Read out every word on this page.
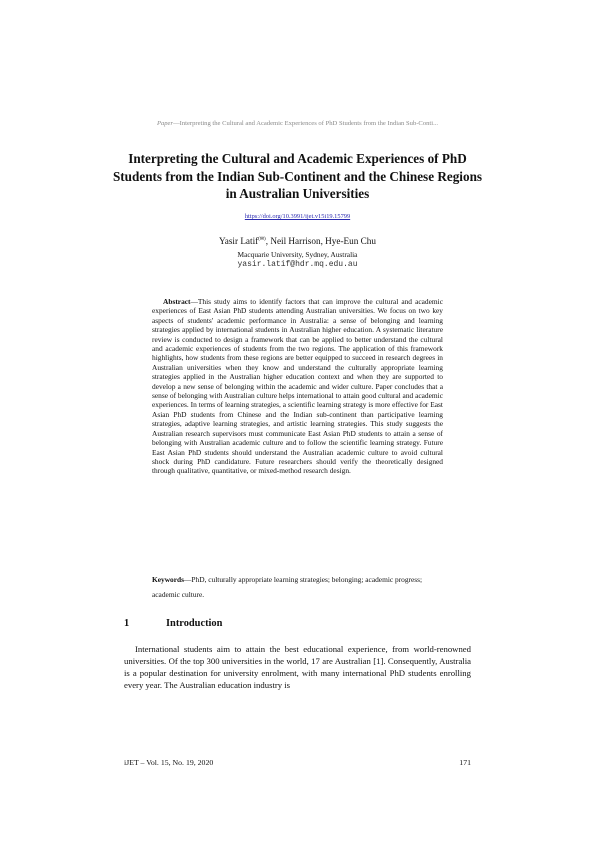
Paper—Interpreting the Cultural and Academic Experiences of PhD Students from the Indian Sub-Conti...
Interpreting the Cultural and Academic Experiences of PhD Students from the Indian Sub-Continent and the Chinese Regions in Australian Universities
https://doi.org/10.3991/ijet.v15i19.15799
Yasir Latif(✉), Neil Harrison, Hye-Eun Chu
Macquarie University, Sydney, Australia
yasir.latif@hdr.mq.edu.au

Abstract—This study aims to identify factors that can improve the cultural and academic experiences of East Asian PhD students attending Australian universities. We focus on two key aspects of students' academic performance in Australia: a sense of belonging and learning strategies applied by international students in Australian higher education. A systematic literature review is conducted to design a framework that can be applied to better understand the cultural and academic experiences of students from the two regions. The application of this framework highlights, how students from these regions are better equipped to succeed in research degrees in Australian universities when they know and understand the culturally appropriate learning strategies applied in the Australian higher education context and when they are supported to develop a new sense of belonging within the academic and wider culture. Paper concludes that a sense of belonging with Australian culture helps international to attain good cultural and academic experiences. In terms of learning strategies, a scientific learning strategy is more effective for East Asian PhD students from Chinese and the Indian sub-continent than participative learning strategies, adaptive learning strategies, and artistic learning strategies. This study suggests the Australian research supervisors must communicate East Asian PhD students to attain a sense of belonging with Australian academic culture and to follow the scientific learning strategy. Future East Asian PhD students should understand the Australian academic culture to avoid cultural shock during PhD candidature. Future researchers should verify the theoretically designed through qualitative, quantitative, or mixed-method research design.

Keywords—PhD, culturally appropriate learning strategies; belonging; academic progress; academic culture.

1	Introduction

International students aim to attain the best educational experience, from world-renowned universities. Of the top 300 universities in the world, 17 are Australian [1]. Consequently, Australia is a popular destination for university enrolment, with many international PhD students enrolling every year. The Australian education industry is

iJET ‒ Vol. 15, No. 19, 2020	171
